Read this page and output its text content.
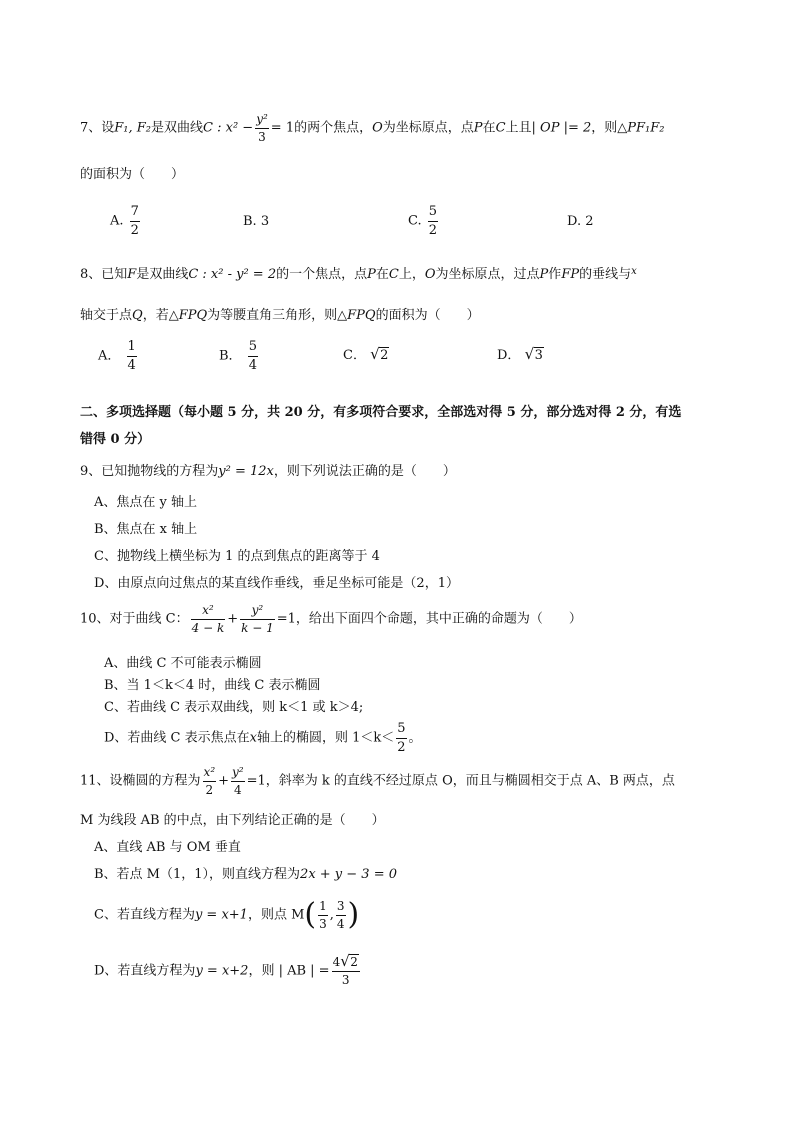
7、设F₁, F₂是双曲线C : $x^2 - \frac{\text{y²}}{3} = 1$的两个焦点，O为坐标原点，点P在C上且| OP |= 2，则△PF₁F₂
的面积为（　　）
A. $\frac{7}{2}$	B. 3	C. $\frac{5}{2}$	D. 2
8、已知F是双曲线C : x² - y² = 2的一个焦点，点P在C上，O为坐标原点，过点P作FP的垂线与$^x$
轴交于点Q，若△FPQ为等腰直角三角形，则△FPQ的面积为（　　）
A． $\frac{1}{4}$	B． $\frac{5}{4}$	C． √ 2	D． √ 3
二、多项选择题（每小题 5 分，共 20 分，有多项符合要求，全部选对得 5 分，部分选对得 2 分，有选
错得 0 分）
9、已知抛物线的方程为y² = 12x，则下列说法正确的是（　　）
A、焦点在 y 轴上
B、焦点在 x 轴上
C、抛物线上横坐标为 1 的点到焦点的距离等于 4
D、由原点向过焦点的某直线作垂线，垂足坐标可能是（2，1）
10、对于曲线 C： $\frac{\text{x²}}{4 - k} + \frac{\text{y²}}{k - 1} =1$，给出下面四个命题，其中正确的命题为（　　）
A、曲线 C 不可能表示椭圆
B、当 1＜k＜4 时，曲线 C 表示椭圆
C、若曲线 C 表示双曲线，则 k＜1 或 k＞4;
D、若曲线 C 表示焦点在x轴上的椭圆，则 $1<k< \frac{5}{2}$ 。
11、设椭圆的方程为 $\frac{\text{x²}}{2} + \frac{\text{y²}}{4} =1$，斜率为 k 的直线不经过原点 O，而且与椭圆相交于点 A、B 两点，点
M 为线段 AB 的中点，由下列结论正确的是（　　）
A、直线 AB 与 OM 垂直
B、若点 M（1，1），则直线方程为2x + y − 3 = 0
C、若直线方程为y = x+1，则点 $M( \frac{1}{3}$ , $\frac{3}{4}$ )
D、若直线方程为y = x+2，则 | AB | = $\frac{4 √ 2}{3}$
